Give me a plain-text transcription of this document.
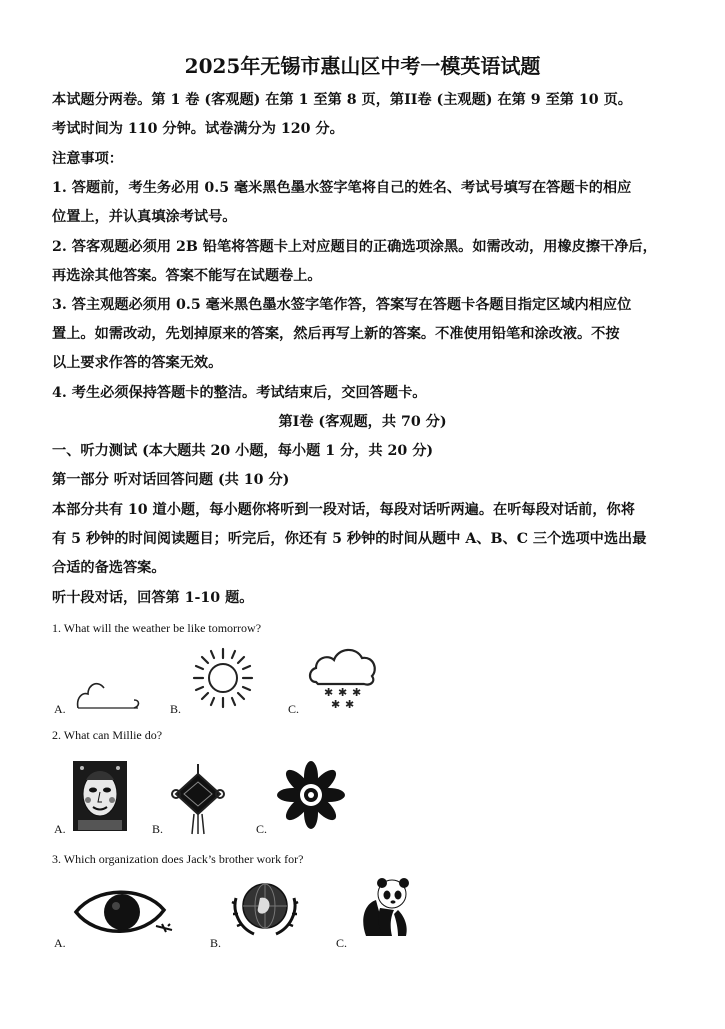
2025年无锡市惠山区中考一模英语试题
本试题分两卷。第 1 卷 (客观题) 在第 1 至第 8 页，第II卷 (主观题) 在第 9 至第 10 页。
考试时间为 110 分钟。试卷满分为 120 分。
注意事项：
1. 答题前，考生务必用 0.5 毫米黑色墨水签字笔将自己的姓名、考试号填写在答题卡的相应
位置上，并认真填涂考试号。
2. 答客观题必须用 2B 铅笔将答题卡上对应题目的正确选项涂黑。如需改动，用橡皮擦干净后，
再选涂其他答案。答案不能写在试题卷上。
3. 答主观题必须用 0.5 毫米黑色墨水签字笔作答，答案写在答题卡各题目指定区域内相应位
置上。如需改动，先划掉原来的答案，然后再写上新的答案。不准使用铅笔和涂改液。不按
以上要求作答的答案无效。
4. 考生必须保持答题卡的整洁。考试结束后，交回答题卡。
第I卷 (客观题，共 70 分)
一、听力测试 (本大题共 20 小题，每小题 1 分，共 20 分)
第一部分 听对话回答问题 (共 10 分)
本部分共有 10 道小题，每小题你将听到一段对话，每段对话听两遍。在听每段对话前，你将
有 5 秒钟的时间阅读题目；听完后，你还有 5 秒钟的时间从题中 A、B、C 三个选项中选出最
合适的备选答案。
听十段对话，回答第 1-10 题。
1. What will the weather be like tomorrow?
A.	B.	C.
✱ ✱ ✱
✱ ✱
2. What can Millie do?
A.	B.	C.
3. Which organization does Jack’s brother work for?
A.	B.	C.
